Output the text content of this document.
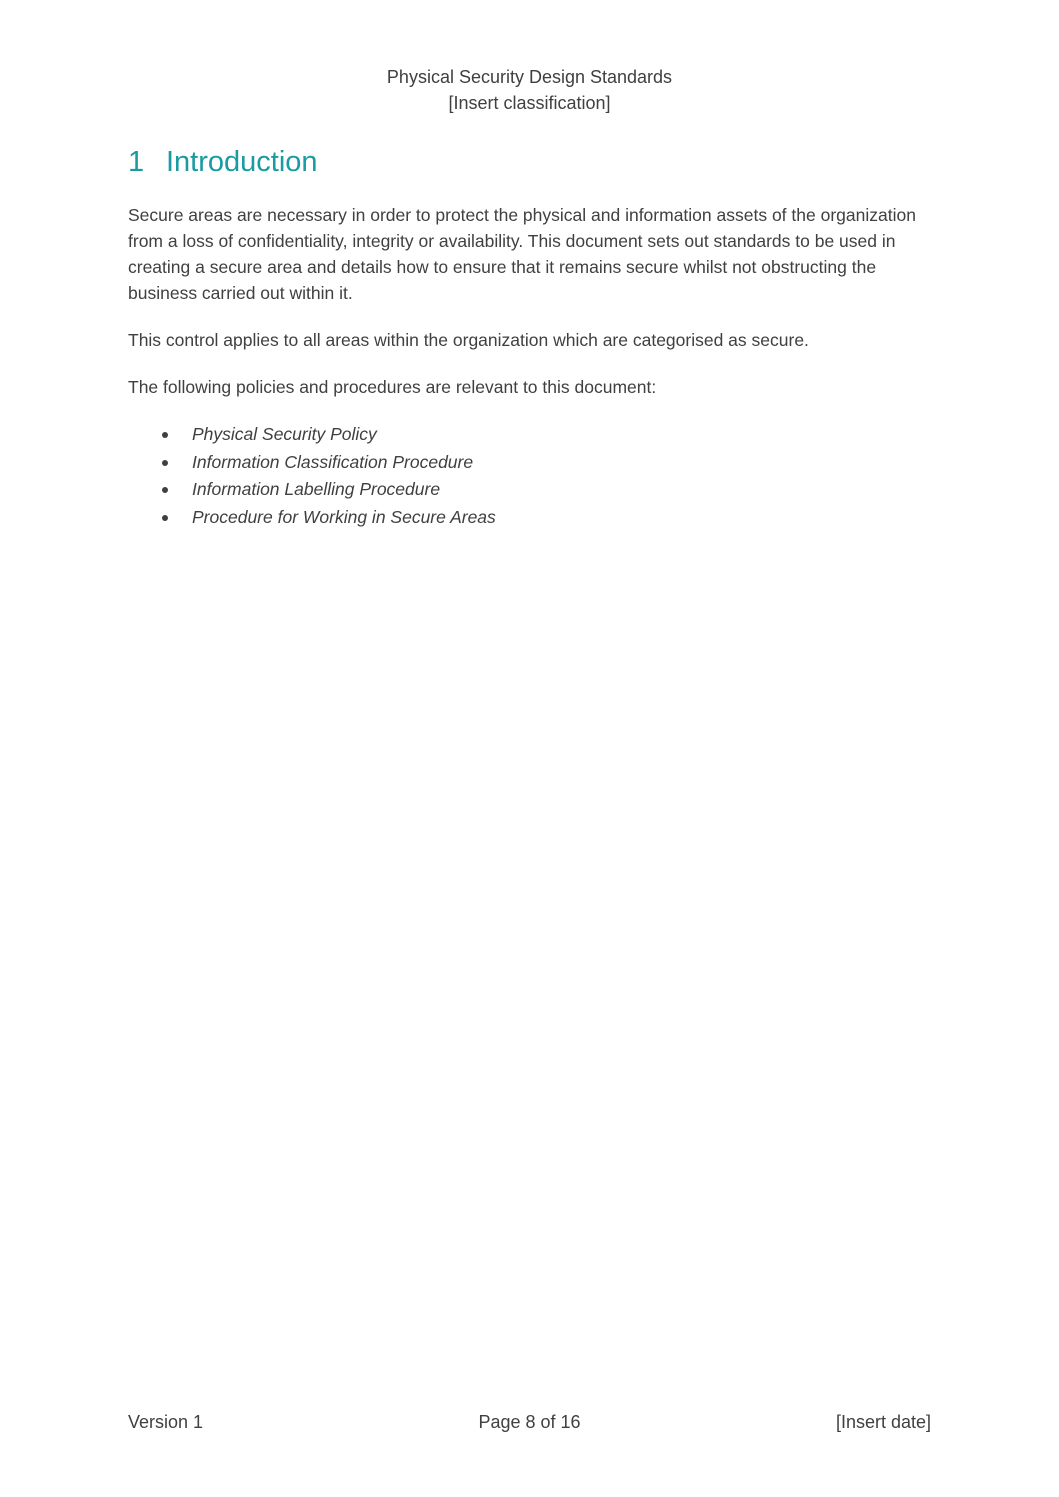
Physical Security Design Standards
[Insert classification]
1 Introduction

Secure areas are necessary in order to protect the physical and information assets of the organization from a loss of confidentiality, integrity or availability. This document sets out standards to be used in creating a secure area and details how to ensure that it remains secure whilst not obstructing the business carried out within it.

This control applies to all areas within the organization which are categorised as secure.

The following policies and procedures are relevant to this document:

Physical Security Policy
Information Classification Procedure
Information Labelling Procedure
Procedure for Working in Secure Areas
Page 8 of 16
Version 1	[Insert date]
